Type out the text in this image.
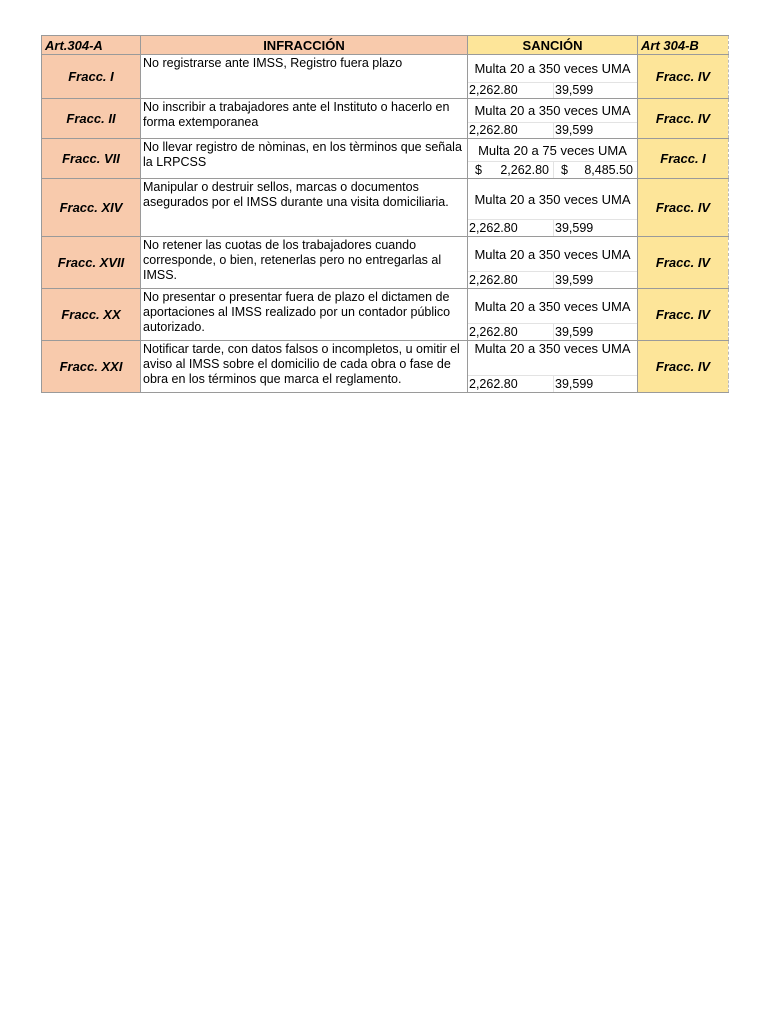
Art.304-A	INFRACCIÓN	SANCIÓN		Art 304-B
Fracc. I	No registrarse ante IMSS, Registro fuera plazo	Multa 20 a 350 veces UMA		Fracc. IV
		2,262.80	39,599	
Fracc. II	No inscribir a trabajadores ante el Instituto o hacerlo en forma extemporanea	Multa 20 a 350 veces UMA		Fracc. IV
		2,262.80	39,599	
Fracc. VII	No llevar registro de nòminas, en los tèrminos que señala la LRPCSS	Multa 20 a 75 veces UMA		Fracc. I

		$ 2,262.80	$ 8,485.50	

Fracc. XIV	Manipular o destruir sellos, marcas o documentos asegurados por el IMSS durante una visita domiciliaria.	Multa 20 a 350 veces UMA		Fracc. IV
		2,262.80	39,599	
Fracc. XVII	No retener las cuotas de los trabajadores cuando corresponde, o bien, retenerlas pero no entregarlas al IMSS.	Multa 20 a 350 veces UMA		Fracc. IV
		2,262.80	39,599	
Fracc. XX	No presentar o presentar fuera de plazo el dictamen de aportaciones al IMSS realizado por un contador público autorizado.	Multa 20 a 350 veces UMA		Fracc. IV
		2,262.80	39,599	
Fracc. XXI	Notificar tarde, con datos falsos o incompletos, u omitir el aviso al IMSS sobre el domicilio de cada obra o fase de obra en los términos que marca el reglamento.	Multa 20 a 350 veces UMA		Fracc. IV
		2,262.80	39,599	
